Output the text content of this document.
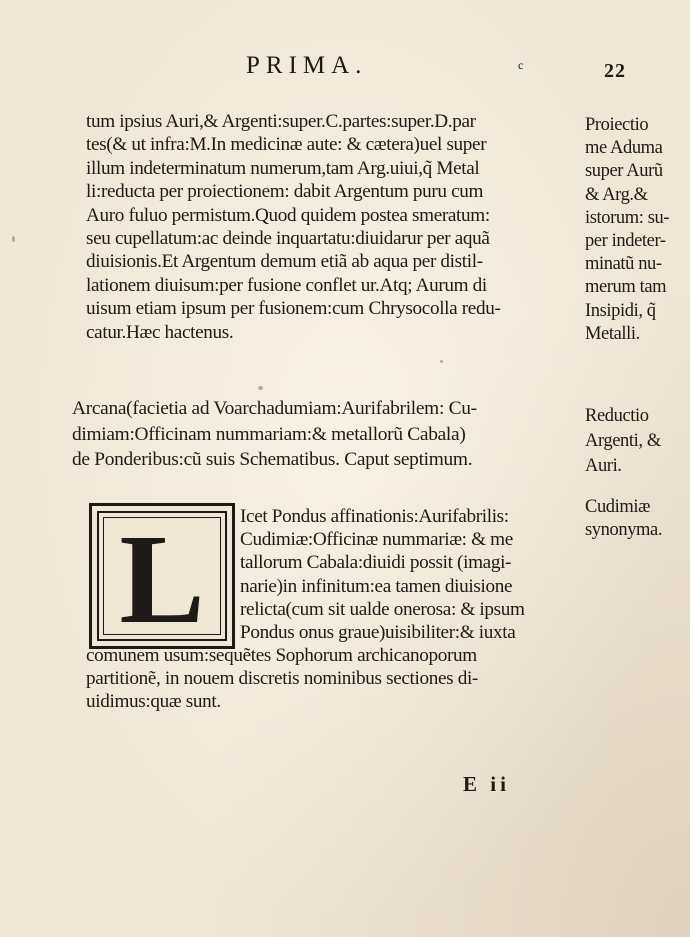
PRIMA.	c	22
tum ipsius Auri,& Argenti:super.C.partes:super.D.par
tes(& ut infra:M.In medicinæ aute: & cætera)uel super
illum indeterminatum numerum,tam Arg.uiui,q̃ Metal
li:reducta per proiectionem: dabit Argentum puru cum
Auro fuluo permistum.Quod quidem postea smeratum:
seu cupellatum:ac deinde inquartatu:diuidarur per aquã
diuisionis.Et Argentum demum etiã ab aqua per distil-
lationem diuisum:per fusione conflet ur.Atq; Aurum di
uisum etiam ipsum per fusionem:cum Chrysocolla redu-
catur.Hæc hactenus.
Proiectio
me Aduma
super Aurũ
& Arg.&
istorum: su-
per indeter-
minatũ nu-
merum tam
Insipidi, q̃
Metalli.
Arcana(facietia ad Voarchadumiam:Aurifabrilem: Cu-
dimiam:Officinam nummariam:& metallorũ Cabala)
de Ponderibus:cũ suis Schematibus. Caput septimum.
Reductio
Argenti, &
Auri.
Cudimiæ
synonyma.
L	Icet Pondus affinationis:Aurifabrilis:
Cudimiæ:Officinæ nummariæ: & me
tallorum Cabala:diuidi possit (imagi-
narie)in infinitum:ea tamen diuisione
relicta(cum sit ualde onerosa: & ipsum
Pondus onus graue)uisibiliter:& iuxta
comunem usum:sequẽtes Sophorum archicanoporum
partitionẽ, in nouem discretis nominibus sectiones di-
uidimus:quæ sunt.
E ii
